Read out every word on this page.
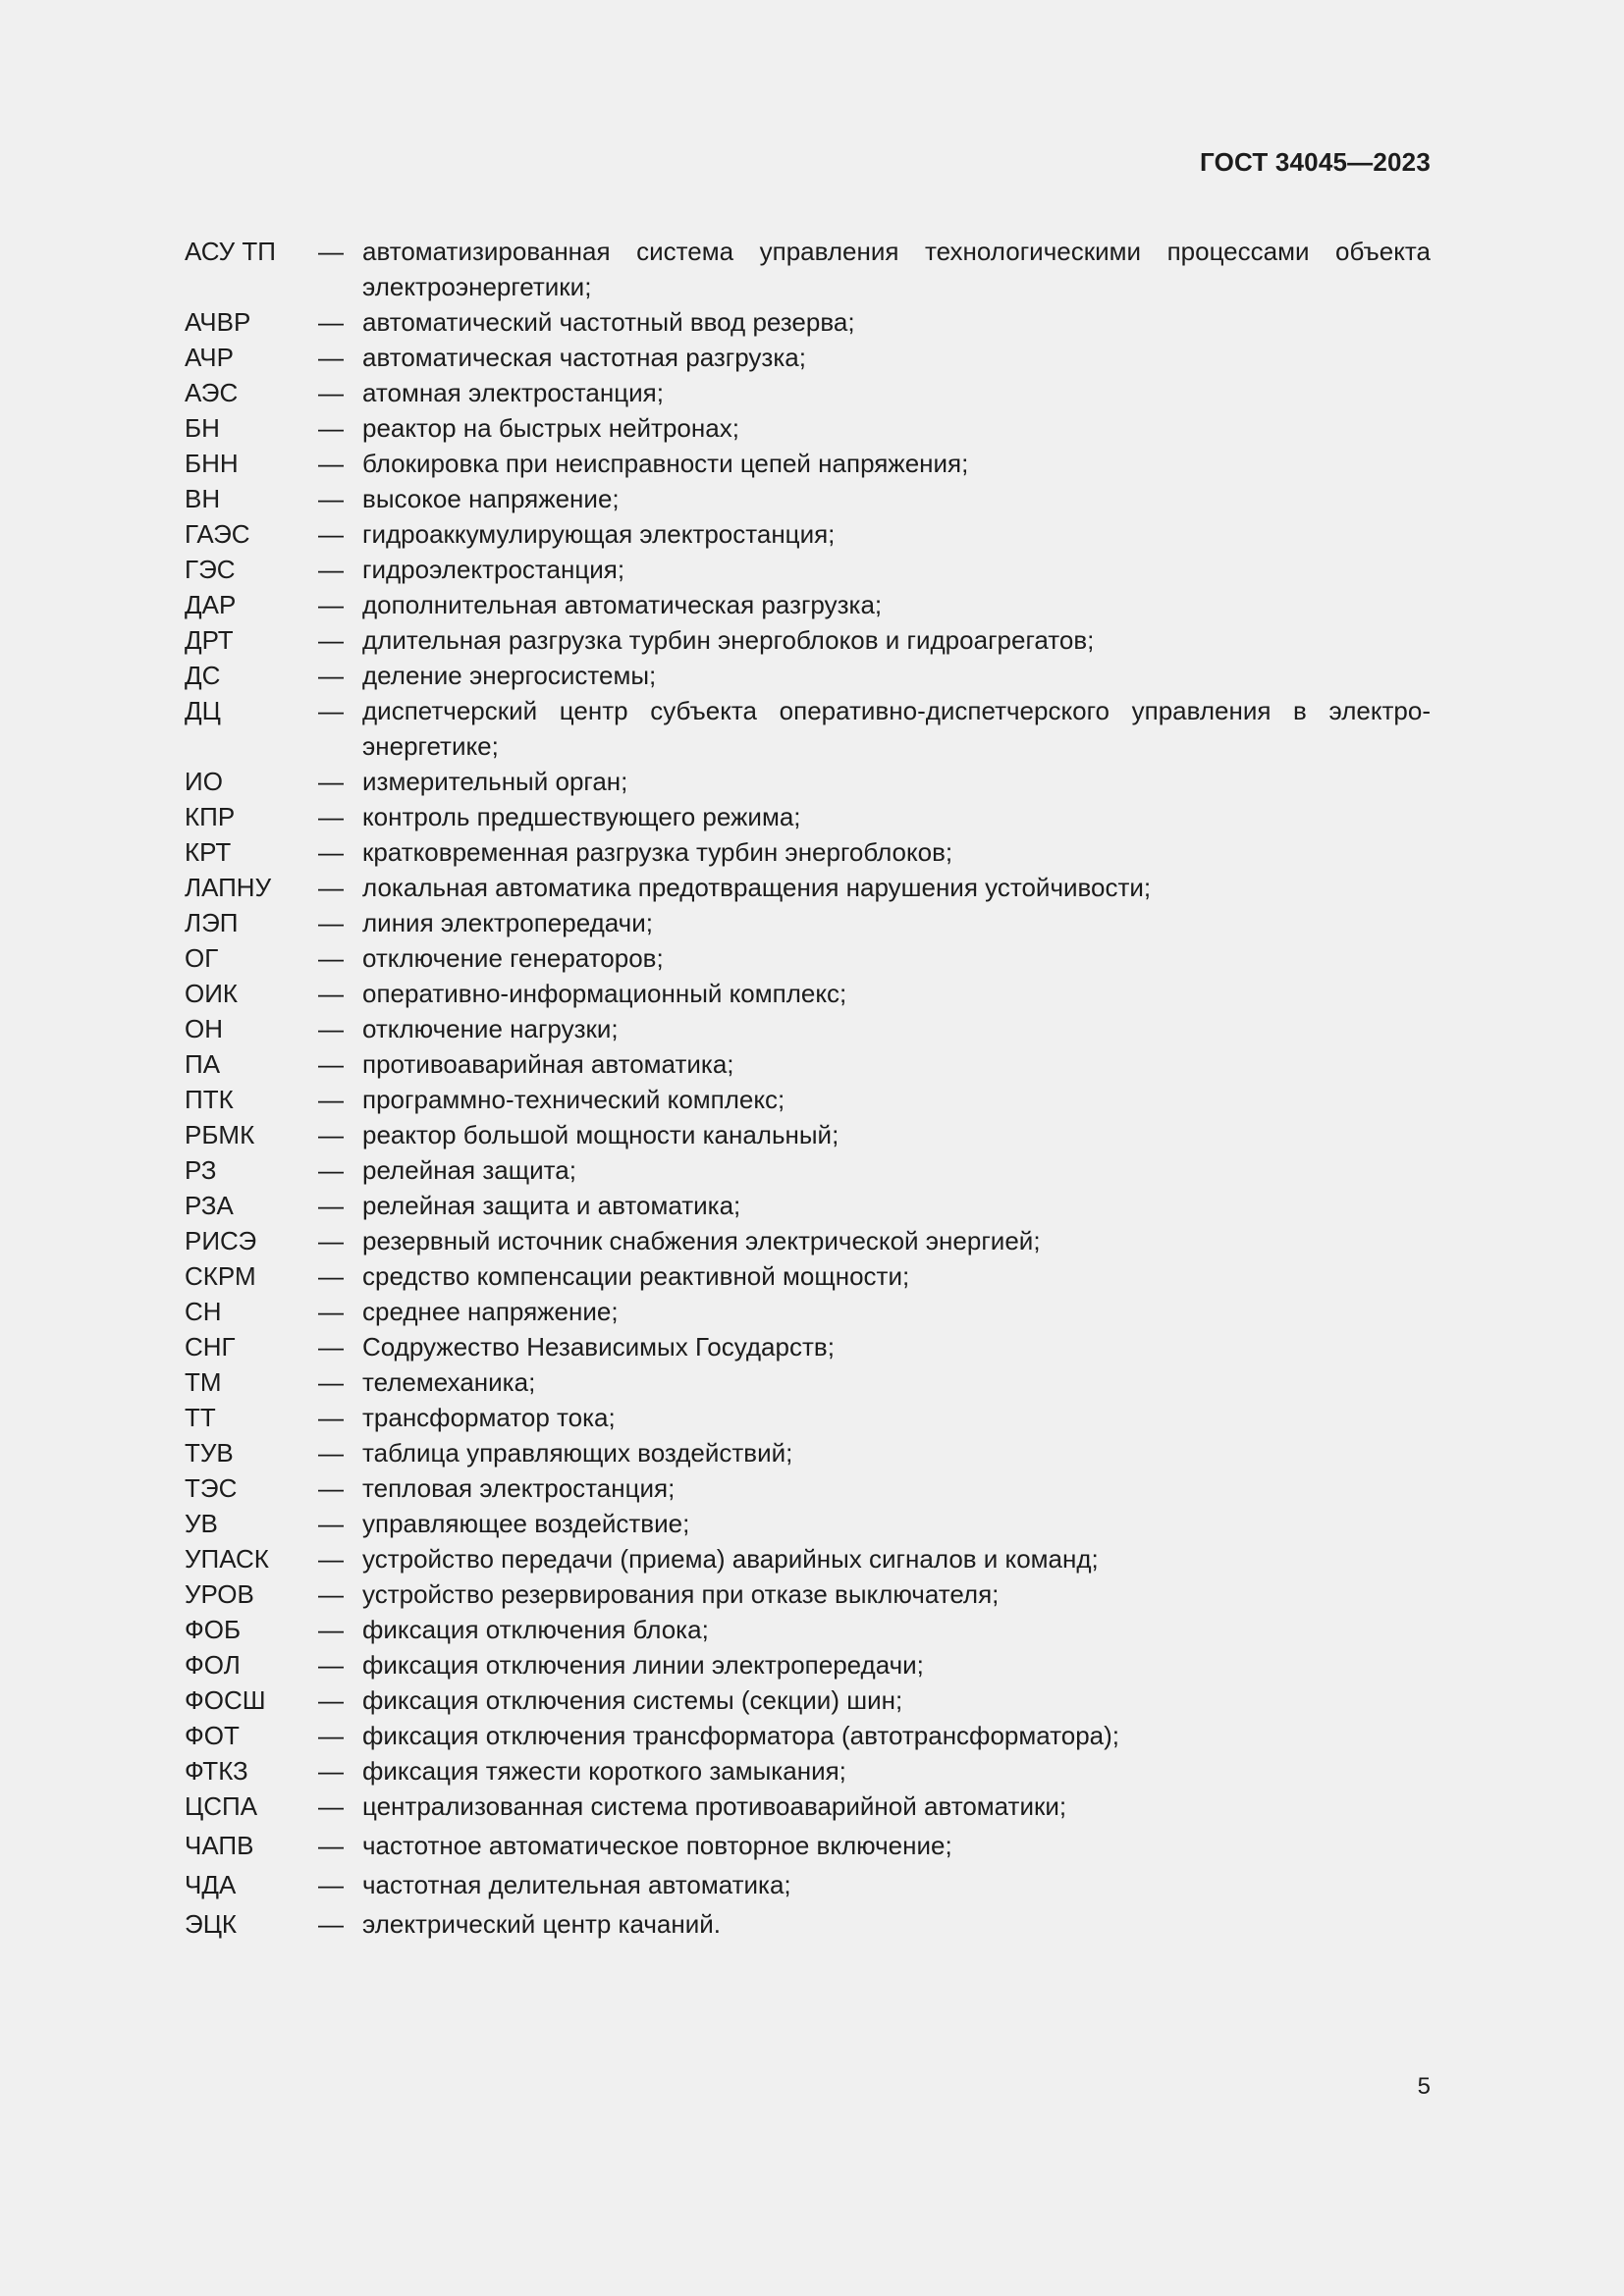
ГОСТ 34045—2023
АСУ ТП	— автоматизированная система управления технологическими процессами объекта электроэнергетики;
АЧВР	— автоматический частотный ввод резерва;
АЧР	— автоматическая частотная разгрузка;
АЭС	— атомная электростанция;
БН	— реактор на быстрых нейтронах;
БНН	— блокировка при неисправности цепей напряжения;
ВН	— высокое напряжение;
ГАЭС	— гидроаккумулирующая электростанция;
ГЭС	— гидроэлектростанция;
ДАР	— дополнительная автоматическая разгрузка;
ДРТ	— длительная разгрузка турбин энергоблоков и гидроагрегатов;
ДС	— деление энергосистемы;
ДЦ	— диспетчерский центр субъекта оперативно-диспетчерского управления в электро-энергетике;
ИО	— измерительный орган;
КПР	— контроль предшествующего режима;
КРТ	— кратковременная разгрузка турбин энергоблоков;
ЛАПНУ	— локальная автоматика предотвращения нарушения устойчивости;
ЛЭП	— линия электропередачи;
ОГ	— отключение генераторов;
ОИК	— оперативно-информационный комплекс;
ОН	— отключение нагрузки;
ПА	— противоаварийная автоматика;
ПТК	— программно-технический комплекс;
РБМК	— реактор большой мощности канальный;
РЗ	— релейная защита;
РЗА	— релейная защита и автоматика;
РИСЭ	— резервный источник снабжения электрической энергией;
СКРМ	— средство компенсации реактивной мощности;
СН	— среднее напряжение;
СНГ	— Содружество Независимых Государств;
ТМ	— телемеханика;
ТТ	— трансформатор тока;
ТУВ	— таблица управляющих воздействий;
ТЭС	— тепловая электростанция;
УВ	— управляющее воздействие;
УПАСК	— устройство передачи (приема) аварийных сигналов и команд;
УРОВ	— устройство резервирования при отказе выключателя;
ФОБ	— фиксация отключения блока;
ФОЛ	— фиксация отключения линии электропередачи;
ФОСШ	— фиксация отключения системы (секции) шин;
ФОТ	— фиксация отключения трансформатора (автотрансформатора);
ФТКЗ	— фиксация тяжести короткого замыкания;
ЦСПА	— централизованная система противоаварийной автоматики;
ЧАПВ	— частотное автоматическое повторное включение;
ЧДА	— частотная делительная автоматика;
ЭЦК	— электрический центр качаний.
5
